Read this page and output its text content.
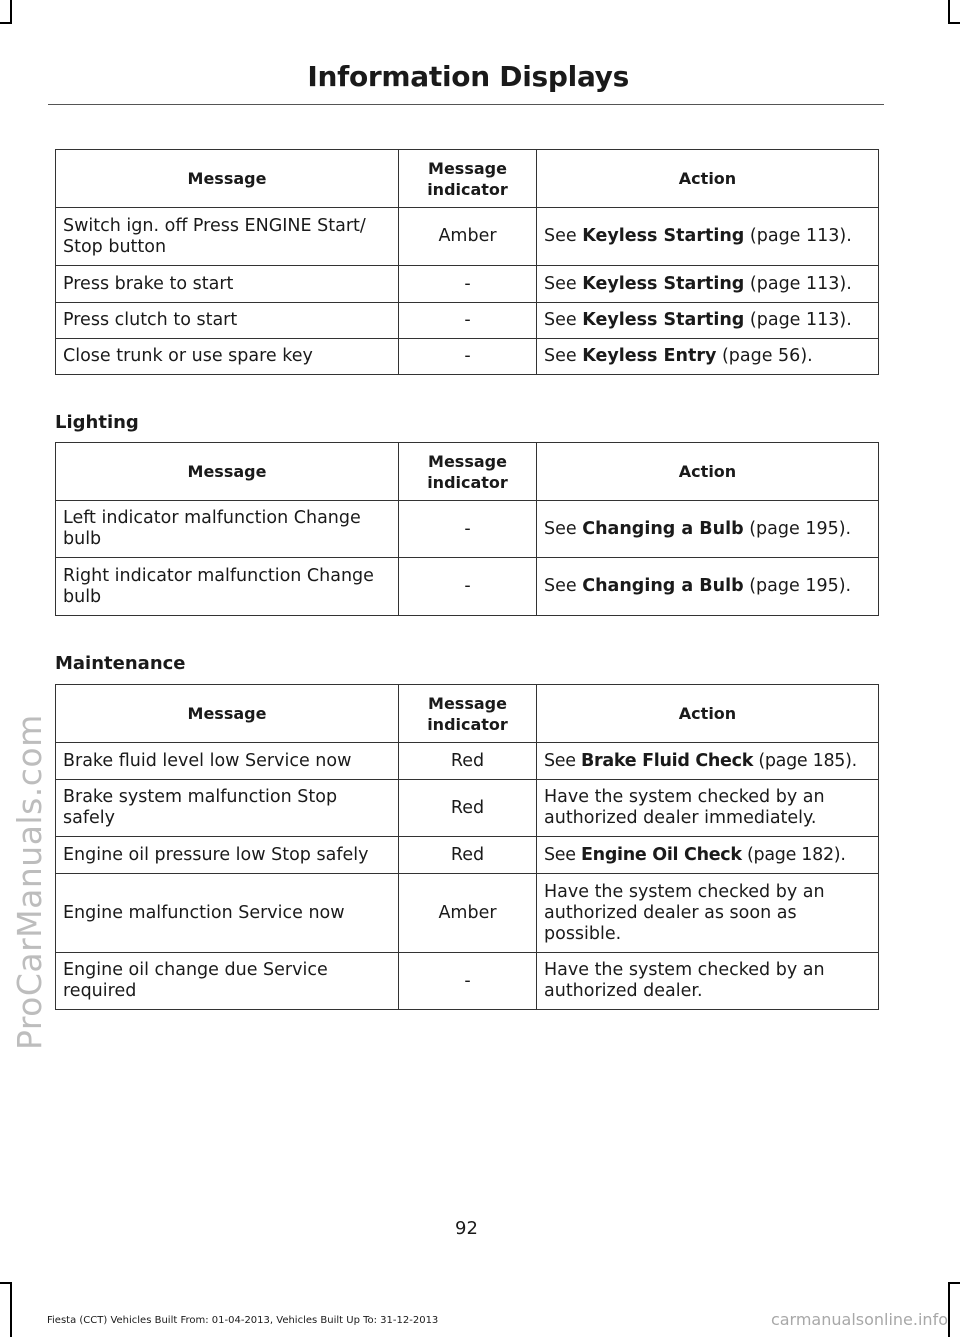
Information Displays
Message	Message indicator	Action
Switch ign. off Press ENGINE Start/ Stop button	Amber	See Keyless Starting (page 113).
Press brake to start	-	See Keyless Starting (page 113).
Press clutch to start	-	See Keyless Starting (page 113).
Close trunk or use spare key	-	See Keyless Entry (page 56).
Lighting
Message	Message indicator	Action
Left indicator malfunction Change bulb	-	See Changing a Bulb (page 195).
Right indicator malfunction Change bulb	-	See Changing a Bulb (page 195).
Maintenance
Message	Message indicator	Action
Brake fluid level low Service now	Red	See Brake Fluid Check (page 185).
Brake system malfunction Stop safely	Red	Have the system checked by an authorized dealer immediately.
Engine oil pressure low Stop safely	Red	See Engine Oil Check (page 182).
Engine malfunction Service now	Amber	Have the system checked by an authorized dealer as soon as possible.
Engine oil change due Service required	-	Have the system checked by an authorized dealer.
ProCarManuals.com
92
Fiesta (CCT) Vehicles Built From: 01-04-2013, Vehicles Built Up To: 31-12-2013	carmanualsonline.info
